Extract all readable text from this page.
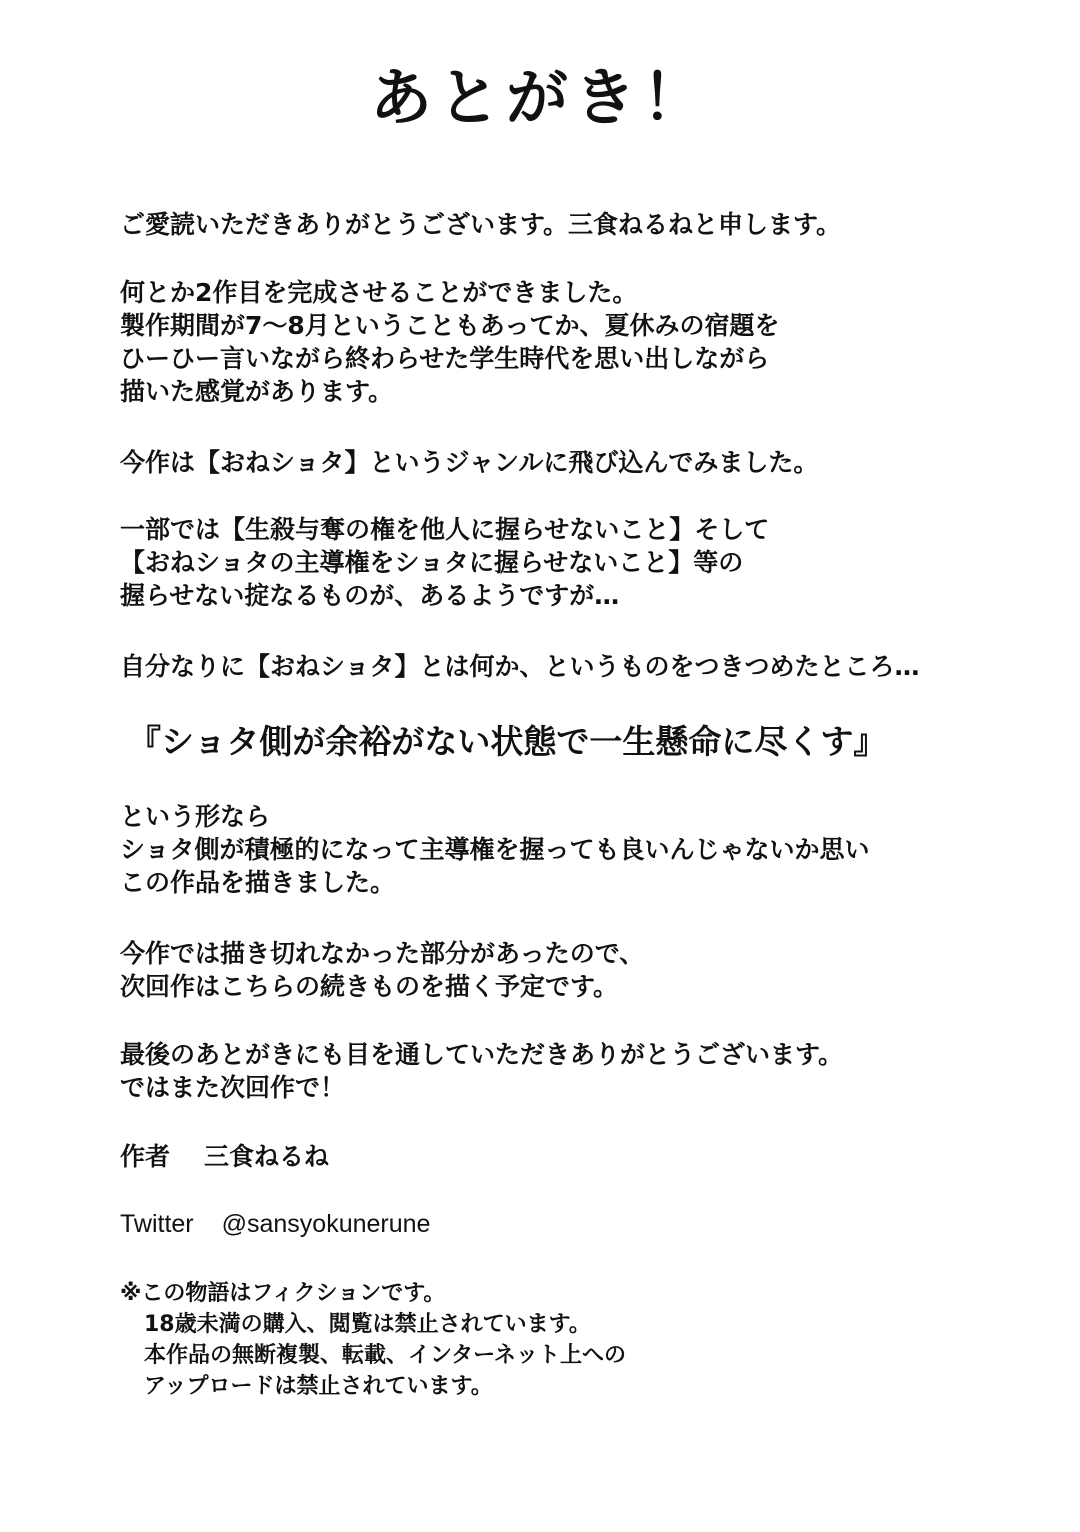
あとがき！
ご愛読いただきありがとうございます。三食ねるねと申します。
何とか2作目を完成させることができました。
製作期間が7〜8月ということもあってか、夏休みの宿題を
ひーひー言いながら終わらせた学生時代を思い出しながら
描いた感覚があります。
今作は【おねショタ】というジャンルに飛び込んでみました。
一部では【生殺与奪の権を他人に握らせないこと】そして
【おねショタの主導権をショタに握らせないこと】等の
握らせない掟なるものが、あるようですが…
自分なりに【おねショタ】とは何か、というものをつきつめたところ…
『ショタ側が余裕がない状態で一生懸命に尽くす』
という形なら
ショタ側が積極的になって主導権を握っても良いんじゃないか思い
この作品を描きました。
今作では描き切れなかった部分があったので、
次回作はこちらの続きものを描く予定です。
最後のあとがきにも目を通していただきありがとうございます。
ではまた次回作で！
作者 三食ねるね
Twitter @sansyokunerune
※この物語はフィクションです。
18歳未満の購入、閲覧は禁止されています。
本作品の無断複製、転載、インターネット上への
アップロードは禁止されています。
